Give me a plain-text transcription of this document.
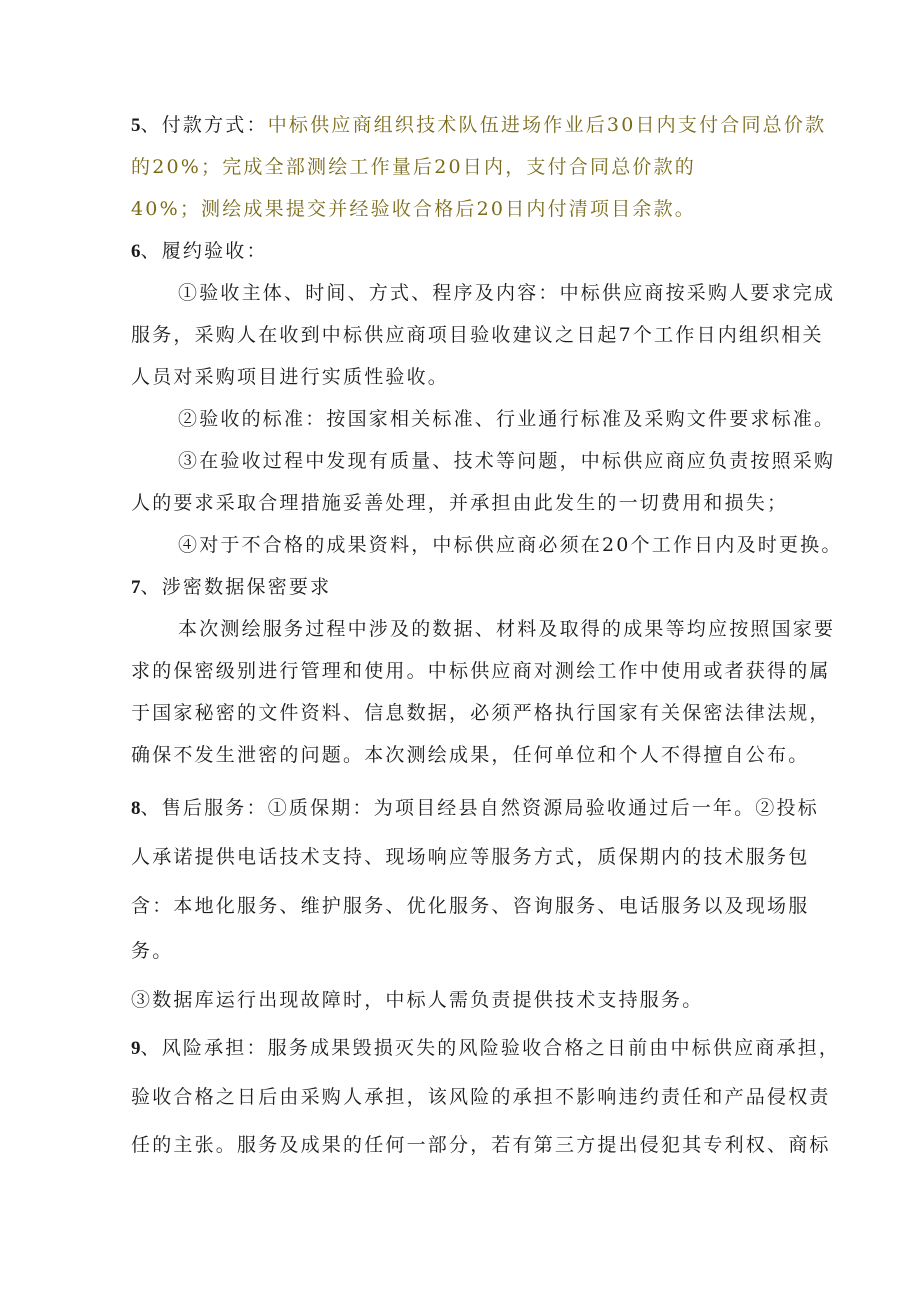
5、付款方式：中标供应商组织技术队伍进场作业后30日内支付合同总价款
的20%；完成全部测绘工作量后20日内，支付合同总价款的
40%；测绘成果提交并经验收合格后20日内付清项目余款。
6、履约验收：
①验收主体、时间、方式、程序及内容：中标供应商按采购人要求完成
服务，采购人在收到中标供应商项目验收建议之日起7个工作日内组织相关
人员对采购项目进行实质性验收。
②验收的标准：按国家相关标准、行业通行标准及采购文件要求标准。
③在验收过程中发现有质量、技术等问题，中标供应商应负责按照采购
人的要求采取合理措施妥善处理，并承担由此发生的一切费用和损失；
④对于不合格的成果资料，中标供应商必须在20个工作日内及时更换。
7、涉密数据保密要求
本次测绘服务过程中涉及的数据、材料及取得的成果等均应按照国家要
求的保密级别进行管理和使用。中标供应商对测绘工作中使用或者获得的属
于国家秘密的文件资料、信息数据，必须严格执行国家有关保密法律法规，
确保不发生泄密的问题。本次测绘成果，任何单位和个人不得擅自公布。
8、售后服务：①质保期：为项目经县自然资源局验收通过后一年。②投标
人承诺提供电话技术支持、现场响应等服务方式，质保期内的技术服务包
含：本地化服务、维护服务、优化服务、咨询服务、电话服务以及现场服
务。
③数据库运行出现故障时，中标人需负责提供技术支持服务。
9、风险承担：服务成果毁损灭失的风险验收合格之日前由中标供应商承担，
验收合格之日后由采购人承担，该风险的承担不影响违约责任和产品侵权责
任的主张。服务及成果的任何一部分，若有第三方提出侵犯其专利权、商标
